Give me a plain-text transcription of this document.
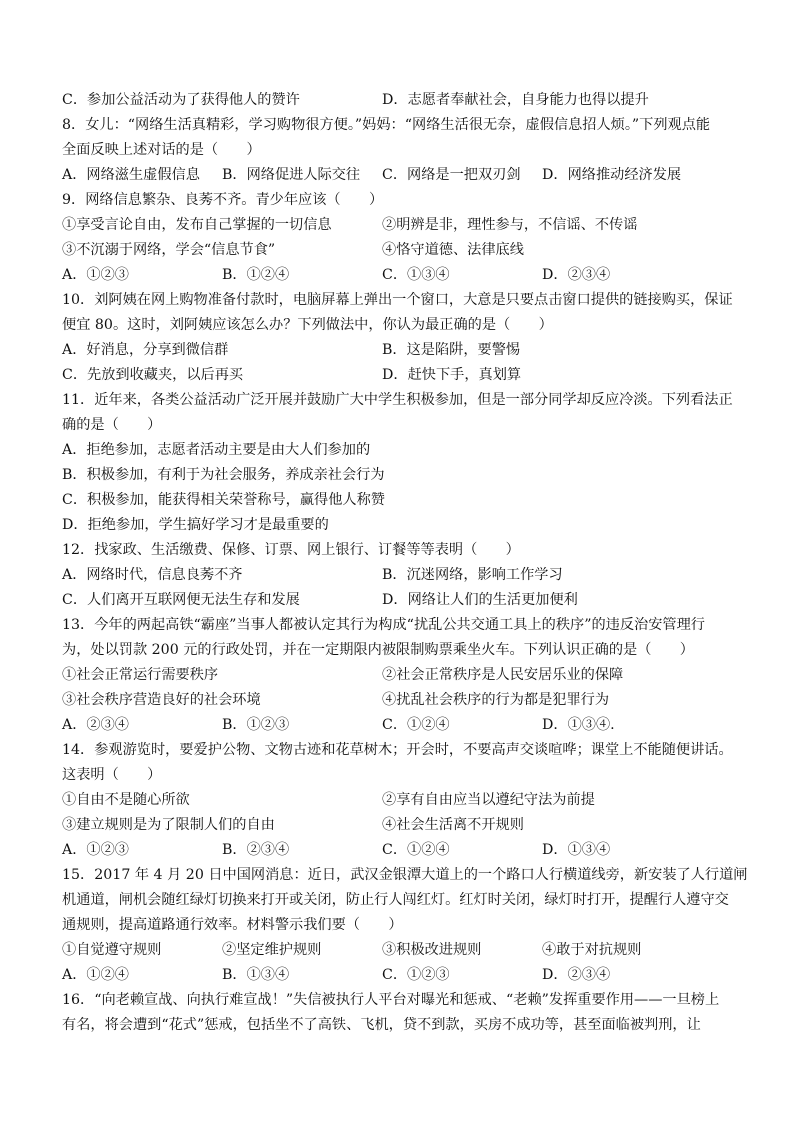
C．参加公益活动为了获得他人的赞许	D．志愿者奉献社会，自身能力也得以提升
8．女儿：“网络生活真精彩，学习购物很方便。”妈妈：“网络生活很无奈，虚假信息招人烦。”下列观点能
全面反映上述对话的是（　　）
A．网络滋生虚假信息 B．网络促进人际交往 C．网络是一把双刃剑 D．网络推动经济发展
9．网络信息繁杂、良莠不齐。青少年应该（　　）
①享受言论自由，发布自己掌握的一切信息	②明辨是非，理性参与，不信谣、不传谣
③不沉溺于网络，学会“信息节食”	④恪守道德、法律底线
A．①②③	B．①②④	C．①③④	D．②③④
10．刘阿姨在网上购物准备付款时，电脑屏幕上弹出一个窗口，大意是只要点击窗口提供的链接购买，保证
便宜 80。这时，刘阿姨应该怎么办？下列做法中，你认为最正确的是（　　）
A．好消息，分享到微信群	B．这是陷阱，要警惕
C．先放到收藏夹，以后再买	D．赶快下手，真划算
11．近年来，各类公益活动广泛开展并鼓励广大中学生积极参加，但是一部分同学却反应冷淡。下列看法正
确的是（　　）
A．拒绝参加，志愿者活动主要是由大人们参加的
B．积极参加，有利于为社会服务，养成亲社会行为
C．积极参加，能获得相关荣誉称号，赢得他人称赞
D．拒绝参加，学生搞好学习才是最重要的
12．找家政、生活缴费、保修、订票、网上银行、订餐等等表明（　　）
A．网络时代，信息良莠不齐	B．沉迷网络，影响工作学习
C．人们离开互联网便无法生存和发展	D．网络让人们的生活更加便利
13．今年的两起高铁“霸座”当事人都被认定其行为构成“扰乱公共交通工具上的秩序”的违反治安管理行
为，处以罚款 200 元的行政处罚，并在一定期限内被限制购票乘坐火车。下列认识正确的是（　　）
①社会正常运行需要秩序	②社会正常秩序是人民安居乐业的保障
③社会秩序营造良好的社会环境	④扰乱社会秩序的行为都是犯罪行为
A．②③④	B．①②③	C．①②④	D．①③④.
14．参观游览时，要爱护公物、文物古迹和花草树木；开会时，不要高声交谈喧哗；课堂上不能随便讲话。
这表明（　　）
①自由不是随心所欲	②享有自由应当以遵纪守法为前提
③建立规则是为了限制人们的自由	④社会生活离不开规则
A．①②③	B．②③④	C．①②④	D．①③④
15．2017 年 4 月 20 日中国网消息：近日，武汉金银潭大道上的一个路口人行横道线旁，新安装了人行道闸
机通道，闸机会随红绿灯切换来打开或关闭，防止行人闯红灯。红灯时关闭，绿灯时打开，提醒行人遵守交
通规则，提高道路通行效率。材料警示我们要（　　）
①自觉遵守规则	②坚定维护规则	③积极改进规则	④敢于对抗规则
A．①②④	B．①③④	C．①②③	D．②③④
16．“向老赖宣战、向执行难宣战！”失信被执行人平台对曝光和惩戒、“老赖”发挥重要作用——一旦榜上
有名，将会遭到“花式”惩戒，包括坐不了高铁、飞机，贷不到款，买房不成功等，甚至面临被判刑，让
